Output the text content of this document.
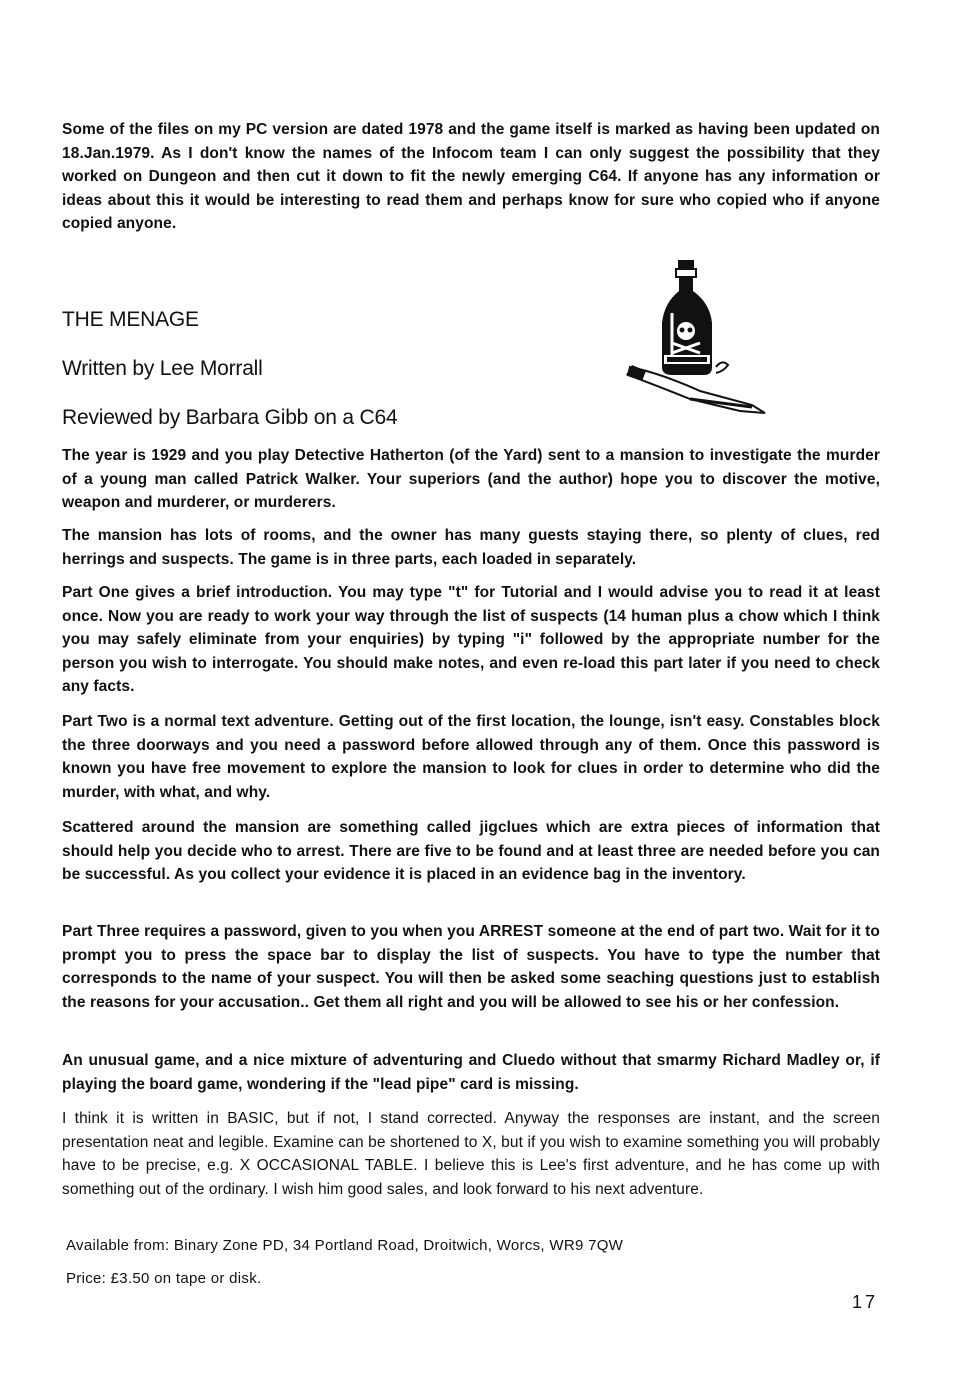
Some of the files on my PC version are dated 1978 and the game itself is marked as having been updated on 18.Jan.1979. As I don't know the names of the Infocom team I can only suggest the possibility that they worked on Dungeon and then cut it down to fit the newly emerging C64. If anyone has any information or ideas about this it would be interesting to read them and perhaps know for sure who copied who if anyone copied anyone.

THE MENAGE
Written by Lee Morrall
Reviewed by Barbara Gibb on a C64

The year is 1929 and you play Detective Hatherton (of the Yard) sent to a mansion to investigate the murder of a young man called Patrick Walker. Your superiors (and the author) hope you to discover the motive, weapon and murderer, or murderers.

The mansion has lots of rooms, and the owner has many guests staying there, so plenty of clues, red herrings and suspects. The game is in three parts, each loaded in separately.

Part One gives a brief introduction. You may type "t" for Tutorial and I would advise you to read it at least once. Now you are ready to work your way through the list of suspects (14 human plus a chow which I think you may safely eliminate from your enquiries) by typing "i" followed by the appropriate number for the person you wish to interrogate. You should make notes, and even re-load this part later if you need to check any facts.

Part Two is a normal text adventure. Getting out of the first location, the lounge, isn't easy. Constables block the three doorways and you need a password before allowed through any of them. Once this password is known you have free movement to explore the mansion to look for clues in order to determine who did the murder, with what, and why.

Scattered around the mansion are something called jigclues which are extra pieces of information that should help you decide who to arrest. There are five to be found and at least three are needed before you can be successful. As you collect your evidence it is placed in an evidence bag in the inventory.

Part Three requires a password, given to you when you ARREST someone at the end of part two. Wait for it to prompt you to press the space bar to display the list of suspects. You have to type the number that corresponds to the name of your suspect. You will then be asked some seaching questions just to establish the reasons for your accusation.. Get them all right and you will be allowed to see his or her confession.

An unusual game, and a nice mixture of adventuring and Cluedo without that smarmy Richard Madley or, if playing the board game, wondering if the "lead pipe" card is missing.

I think it is written in BASIC, but if not, I stand corrected. Anyway the responses are instant, and the screen presentation neat and legible. Examine can be shortened to X, but if you wish to examine something you will probably have to be precise, e.g. X OCCASIONAL TABLE. I believe this is Lee's first adventure, and he has come up with something out of the ordinary. I wish him good sales, and look forward to his next adventure.

Available from: Binary Zone PD, 34 Portland Road, Droitwich, Worcs, WR9 7QW
Price: £3.50 on tape or disk.
17
